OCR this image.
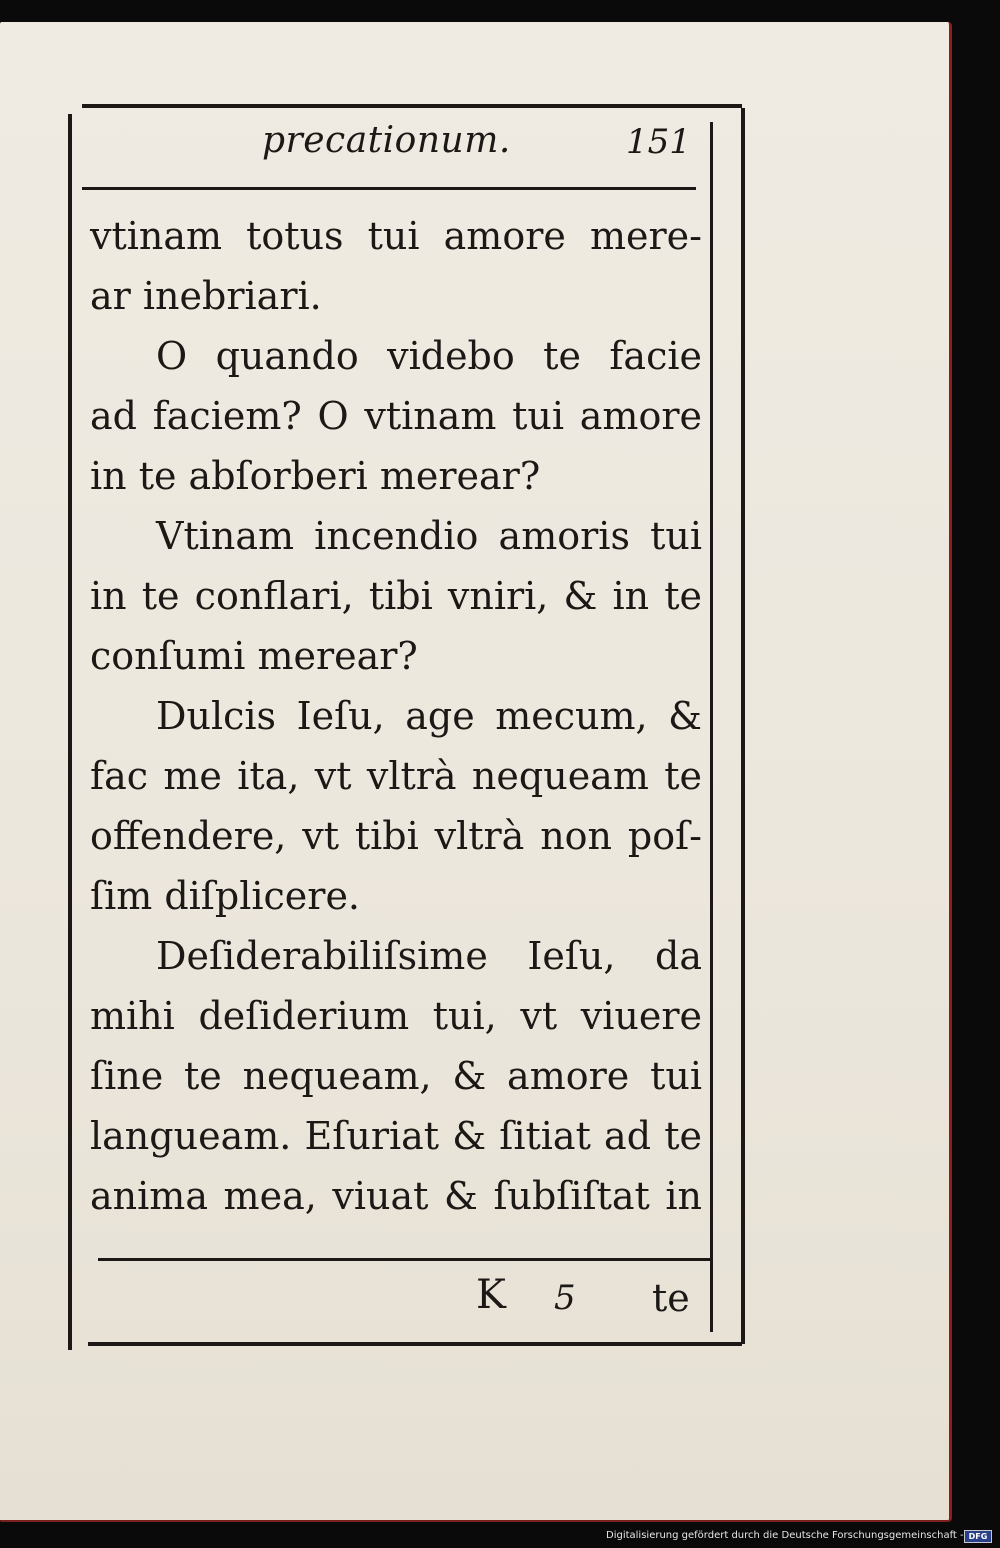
precationum.	151
vtinam totus tui amore mere-
ar inebriari.
O quando videbo te facie
ad faciem? O vtinam tui amore
in te abſorberi merear?
Vtinam incendio amoris tui
in te conflari, tibi vniri, & in te
conſumi merear?
Dulcis Ieſu, age mecum, &
fac me ita, vt vltrà nequeam te
offendere, vt tibi vltrà non poſ-
ſim diſplicere.
Deſiderabiliſsime Ieſu, da
mihi deſiderium tui, vt viuere
ſine te nequeam, & amore tui
langueam. Eſuriat & ſitiat ad te
anima mea, viuat & ſubſiſtat in
K 5 te
Digitalisierung gefördert durch die Deutsche Forschungsgemeinschaft - DFG
